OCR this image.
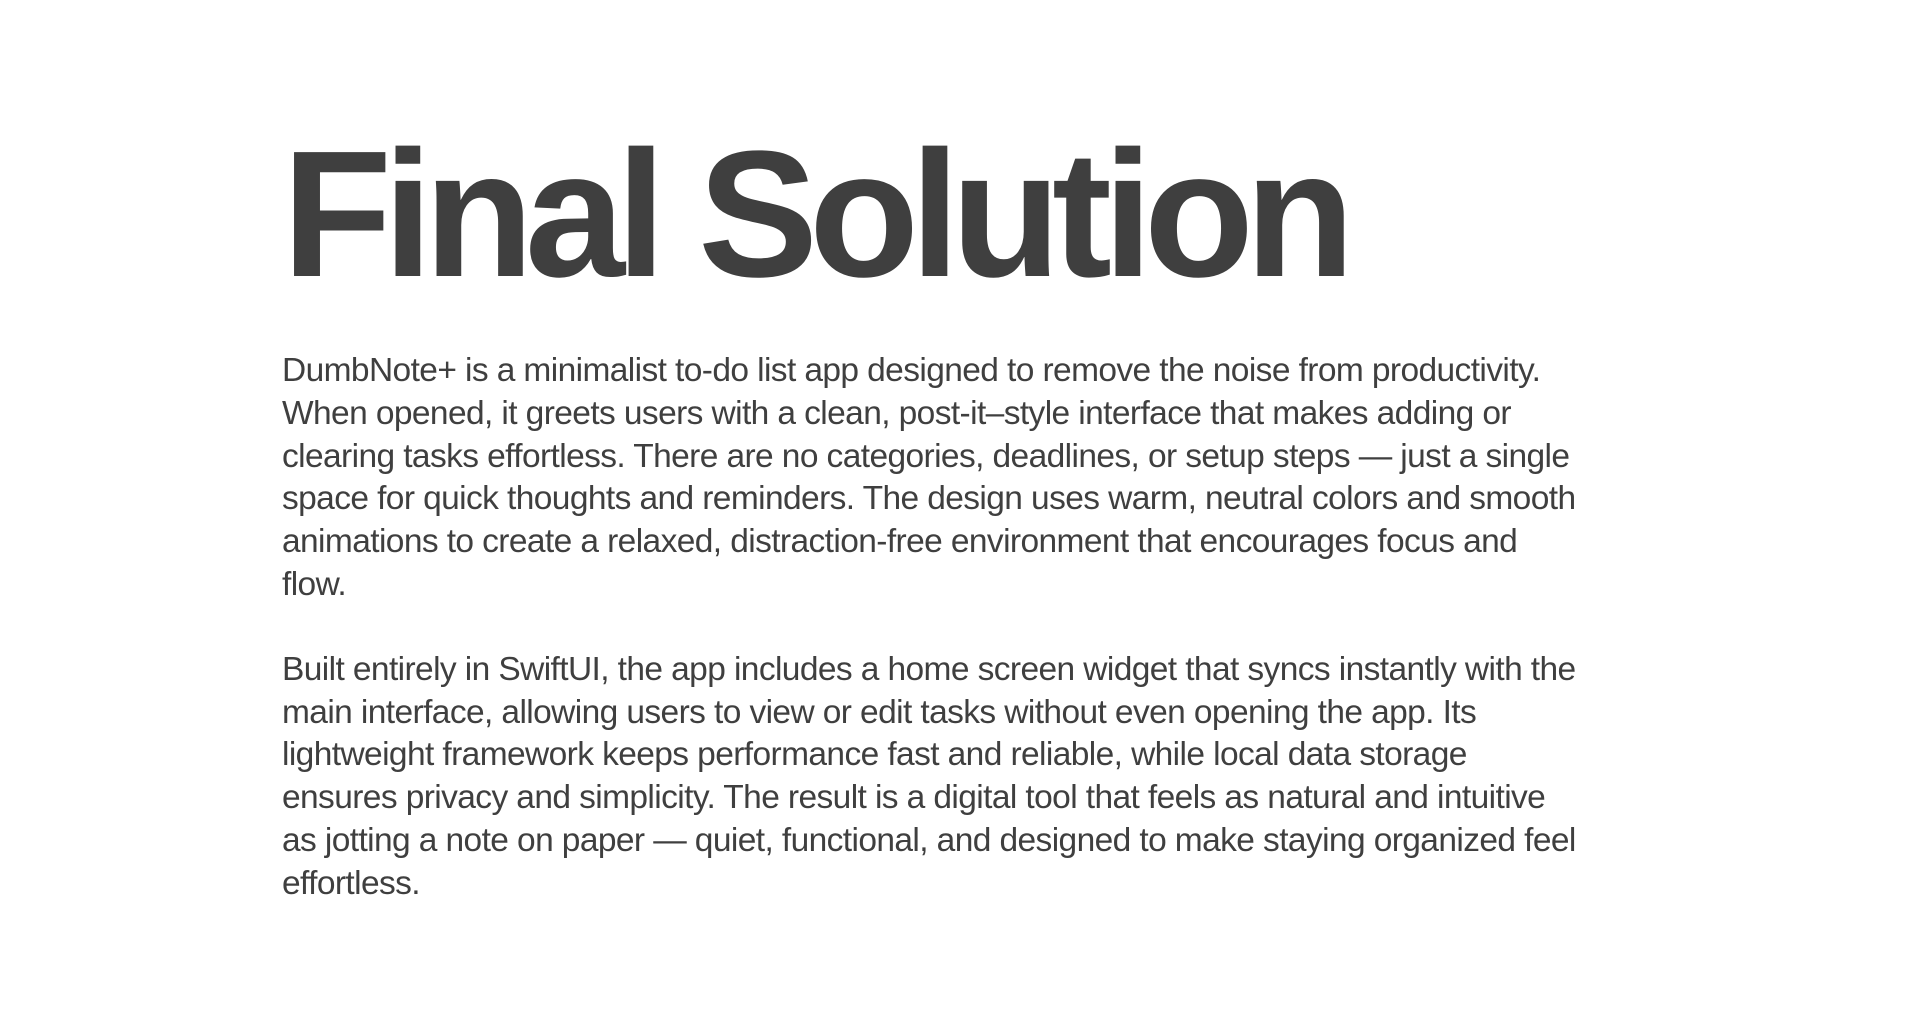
Final Solution

DumbNote+ is a minimalist to-do list app designed to remove the noise from productivity. When opened, it greets users with a clean, post-it–style interface that makes adding or clearing tasks effortless. There are no categories, deadlines, or setup steps — just a single space for quick thoughts and reminders. The design uses warm, neutral colors and smooth animations to create a relaxed, distraction-free environment that encourages focus and flow.

Built entirely in SwiftUI, the app includes a home screen widget that syncs instantly with the main interface, allowing users to view or edit tasks without even opening the app. Its lightweight framework keeps performance fast and reliable, while local data storage ensures privacy and simplicity. The result is a digital tool that feels as natural and intuitive as jotting a note on paper — quiet, functional, and designed to make staying organized feel effortless.
